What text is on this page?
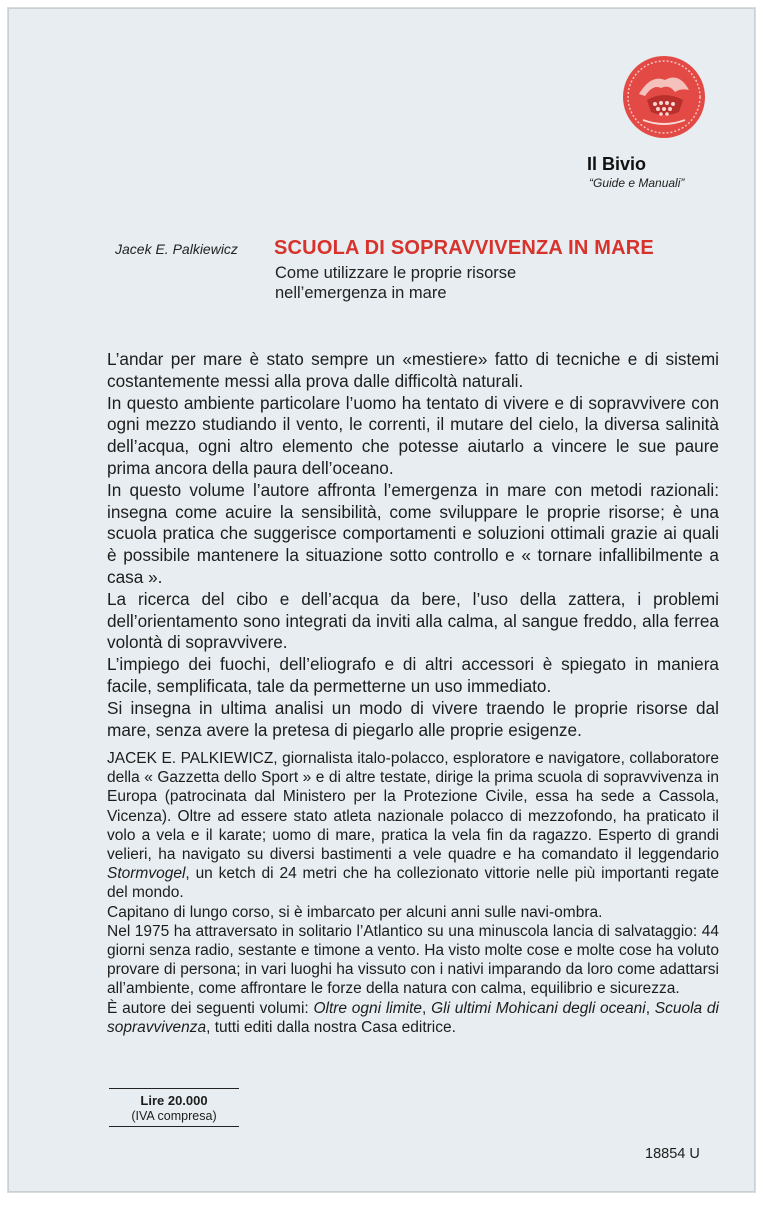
Il Bivio
“Guide e Manuali”
Jacek E. Palkiewicz SCUOLA DI SOPRAVVIVENZA IN MARE
Come utilizzare le proprie risorse
nell’emergenza in mare

L’andar per mare è stato sempre un «mestiere» fatto di tecniche e di sistemi costantemente messi alla prova dalle difficoltà naturali.

In questo ambiente particolare l’uomo ha tentato di vivere e di sopravvivere con ogni mezzo studiando il vento, le correnti, il mutare del cielo, la diversa salinità dell’acqua, ogni altro elemento che potesse aiutarlo a vincere le sue paure prima ancora della paura dell’oceano.

In questo volume l’autore affronta l’emergenza in mare con metodi razionali: insegna come acuire la sensibilità, come sviluppare le proprie risorse; è una scuola pratica che suggerisce comportamenti e soluzioni ottimali grazie ai quali è possibile mantenere la situazione sotto controllo e « tornare infallibilmente a casa ».

La ricerca del cibo e dell’acqua da bere, l’uso della zattera, i problemi dell’orientamento sono integrati da inviti alla calma, al sangue freddo, alla ferrea volontà di sopravvivere.

L’impiego dei fuochi, dell’eliografo e di altri accessori è spiegato in maniera facile, semplificata, tale da permetterne un uso immediato.

Si insegna in ultima analisi un modo di vivere traendo le proprie risorse dal mare, senza avere la pretesa di piegarlo alle proprie esigenze.

JACEK E. PALKIEWICZ, giornalista italo-polacco, esploratore e navigatore, collaboratore della « Gazzetta dello Sport » e di altre testate, dirige la prima scuola di sopravvivenza in Europa (patrocinata dal Ministero per la Protezione Civile, essa ha sede a Cassola, Vicenza). Oltre ad essere stato atleta nazionale polacco di mezzofondo, ha praticato il volo a vela e il karate; uomo di mare, pratica la vela fin da ragazzo. Esperto di grandi velieri, ha navigato su diversi bastimenti a vele quadre e ha comandato il leggendario Stormvogel, un ketch di 24 metri che ha collezionato vittorie nelle più importanti regate del mondo.

Capitano di lungo corso, si è imbarcato per alcuni anni sulle navi-ombra.

Nel 1975 ha attraversato in solitario l’Atlantico su una minuscola lancia di salvataggio: 44 giorni senza radio, sestante e timone a vento. Ha visto molte cose e molte cose ha voluto provare di persona; in vari luoghi ha vissuto con i nativi imparando da loro come adattarsi all’ambiente, come affrontare le forze della natura con calma, equilibrio e sicurezza.

È autore dei seguenti volumi: Oltre ogni limite, Gli ultimi Mohicani degli oceani, Scuola di sopravvivenza, tutti editi dalla nostra Casa editrice.

Lire 20.000
(IVA compresa)
18854 U
